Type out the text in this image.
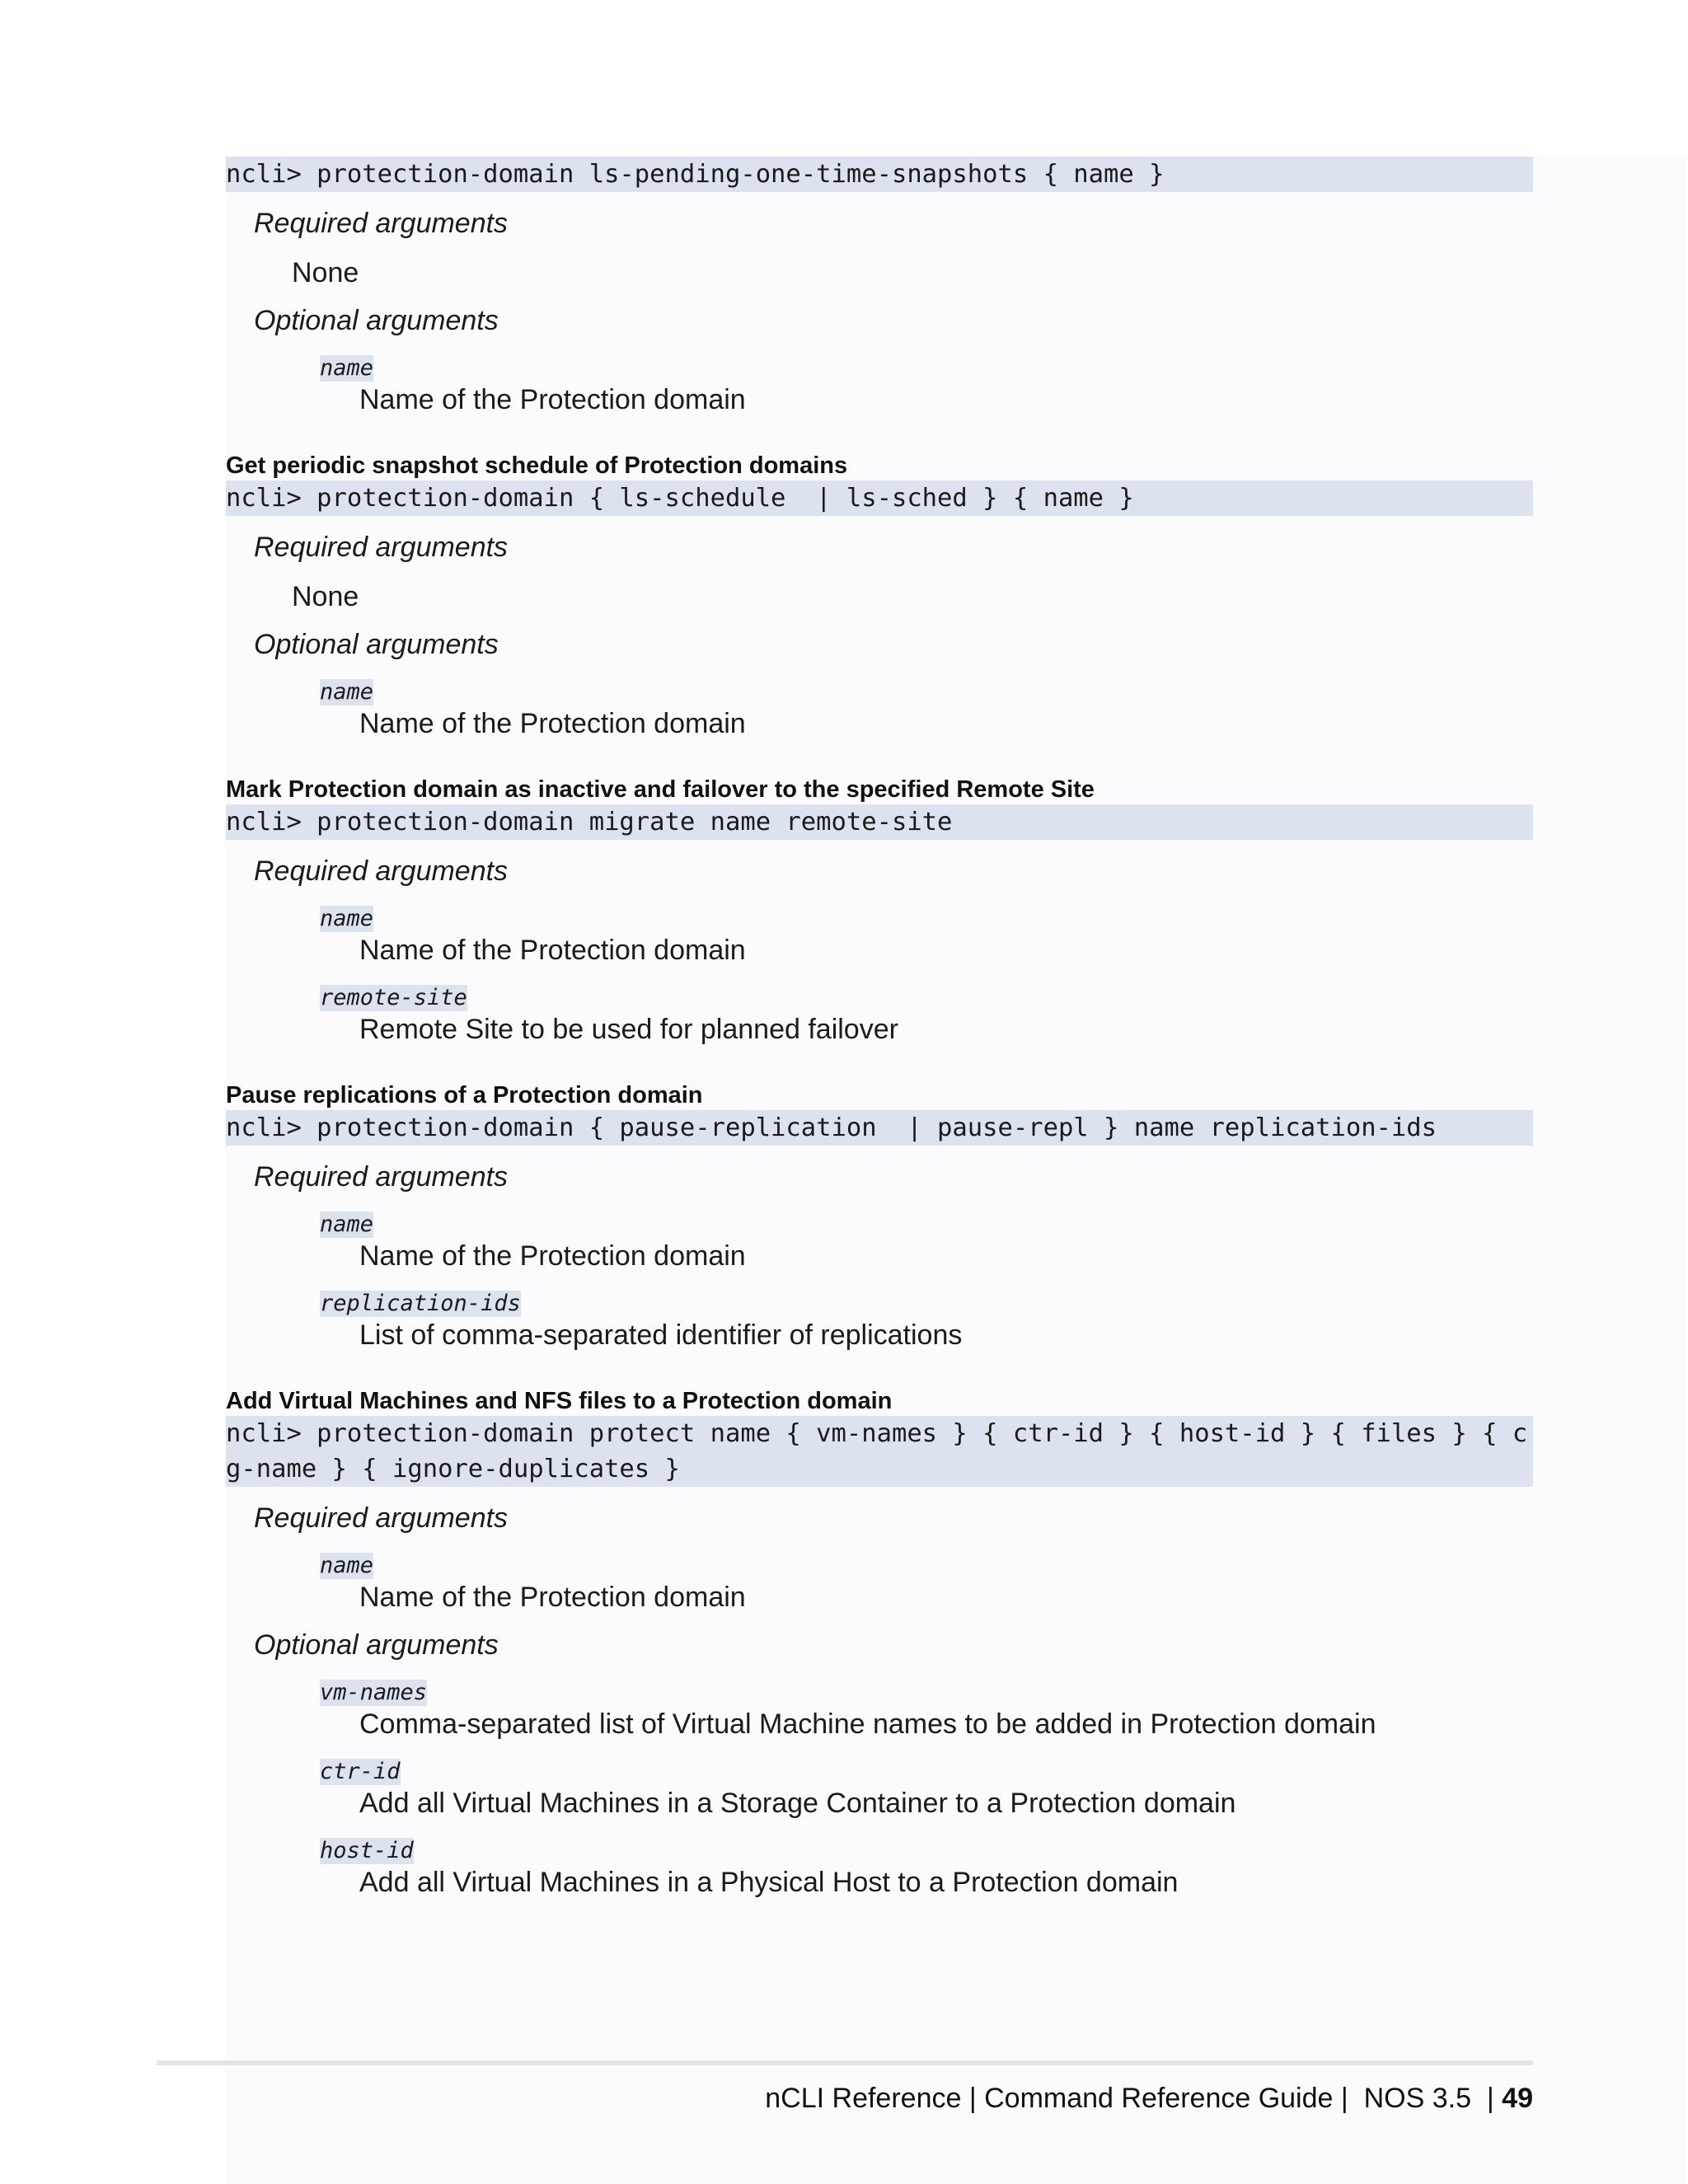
ncli> protection-domain ls-pending-one-time-snapshots { name }
Required arguments
None
Optional arguments
name
Name of the Protection domain
Get periodic snapshot schedule of Protection domains
ncli> protection-domain { ls-schedule  | ls-sched } { name }
Required arguments
None
Optional arguments
name
Name of the Protection domain
Mark Protection domain as inactive and failover to the specified Remote Site
ncli> protection-domain migrate name remote-site
Required arguments
name
Name of the Protection domain
remote-site
Remote Site to be used for planned failover
Pause replications of a Protection domain
ncli> protection-domain { pause-replication  | pause-repl } name replication-ids
Required arguments
name
Name of the Protection domain
replication-ids
List of comma-separated identifier of replications
Add Virtual Machines and NFS files to a Protection domain
ncli> protection-domain protect name { vm-names } { ctr-id } { host-id } { files } { cg-name } { ignore-duplicates }
Required arguments
name
Name of the Protection domain
Optional arguments
vm-names
Comma-separated list of Virtual Machine names to be added in Protection domain
ctr-id
Add all Virtual Machines in a Storage Container to a Protection domain
host-id
Add all Virtual Machines in a Physical Host to a Protection domain
nCLI Reference | Command Reference Guide |  NOS 3.5  | 49
